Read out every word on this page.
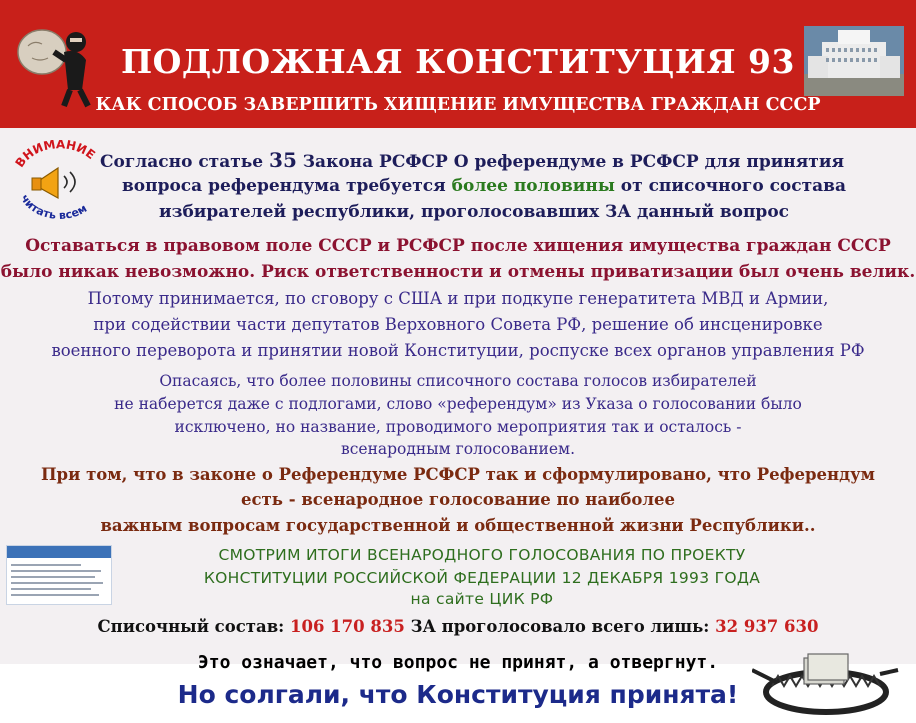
ПОДЛОЖНАЯ КОНСТИТУЦИЯ 93
КАК СПОСОБ ЗАВЕРШИТЬ ХИЩЕНИЕ ИМУЩЕСТВА ГРАЖДАН СССР
ВНИМАНИЕ
читать всем

Согласно статье 35 Закона РСФСР О референдуме в РСФСР для принятия

вопроса референдума требуется более половины от списочного состава

избирателей республики, проголосовавших ЗА данный вопрос

Оставаться в правовом поле СССР и РСФСР после хищения имущества граждан СССР

было никак невозможно. Риск ответственности и отмены приватизации был очень велик.

Потому принимается, по сговору с США и при подкупе генератитета МВД и Армии,

при содействии части депутатов Верховного Совета РФ, решение об инсценировке

военного переворота и принятии новой Конституции, роспуске всех органов управления РФ

Опасаясь, что более половины списочного состава голосов избирателей

не наберется даже с подлогами, слово «референдум» из Указа о голосовании было

исключено, но название, проводимого мероприятия так и осталось -

всенародным голосованием.

При том, что в законе о Референдуме РСФСР так и сформулировано, что Референдум

есть - всенародное голосование по наиболее

важным вопросам государственной и общественной жизни Республики..

СМОТРИМ ИТОГИ ВСЕНАРОДНОГО ГОЛОСОВАНИЯ ПО ПРОЕКТУ

КОНСТИТУЦИИ РОССИЙСКОЙ ФЕДЕРАЦИИ 12 ДЕКАБРЯ 1993 ГОДА

на сайте ЦИК РФ

Списочный состав: 106 170 835 ЗА проголосовало всего лишь: 32 937 630

Это означает, что вопрос не принят, а отвергнут.

Но солгали, что Конституция принята!
